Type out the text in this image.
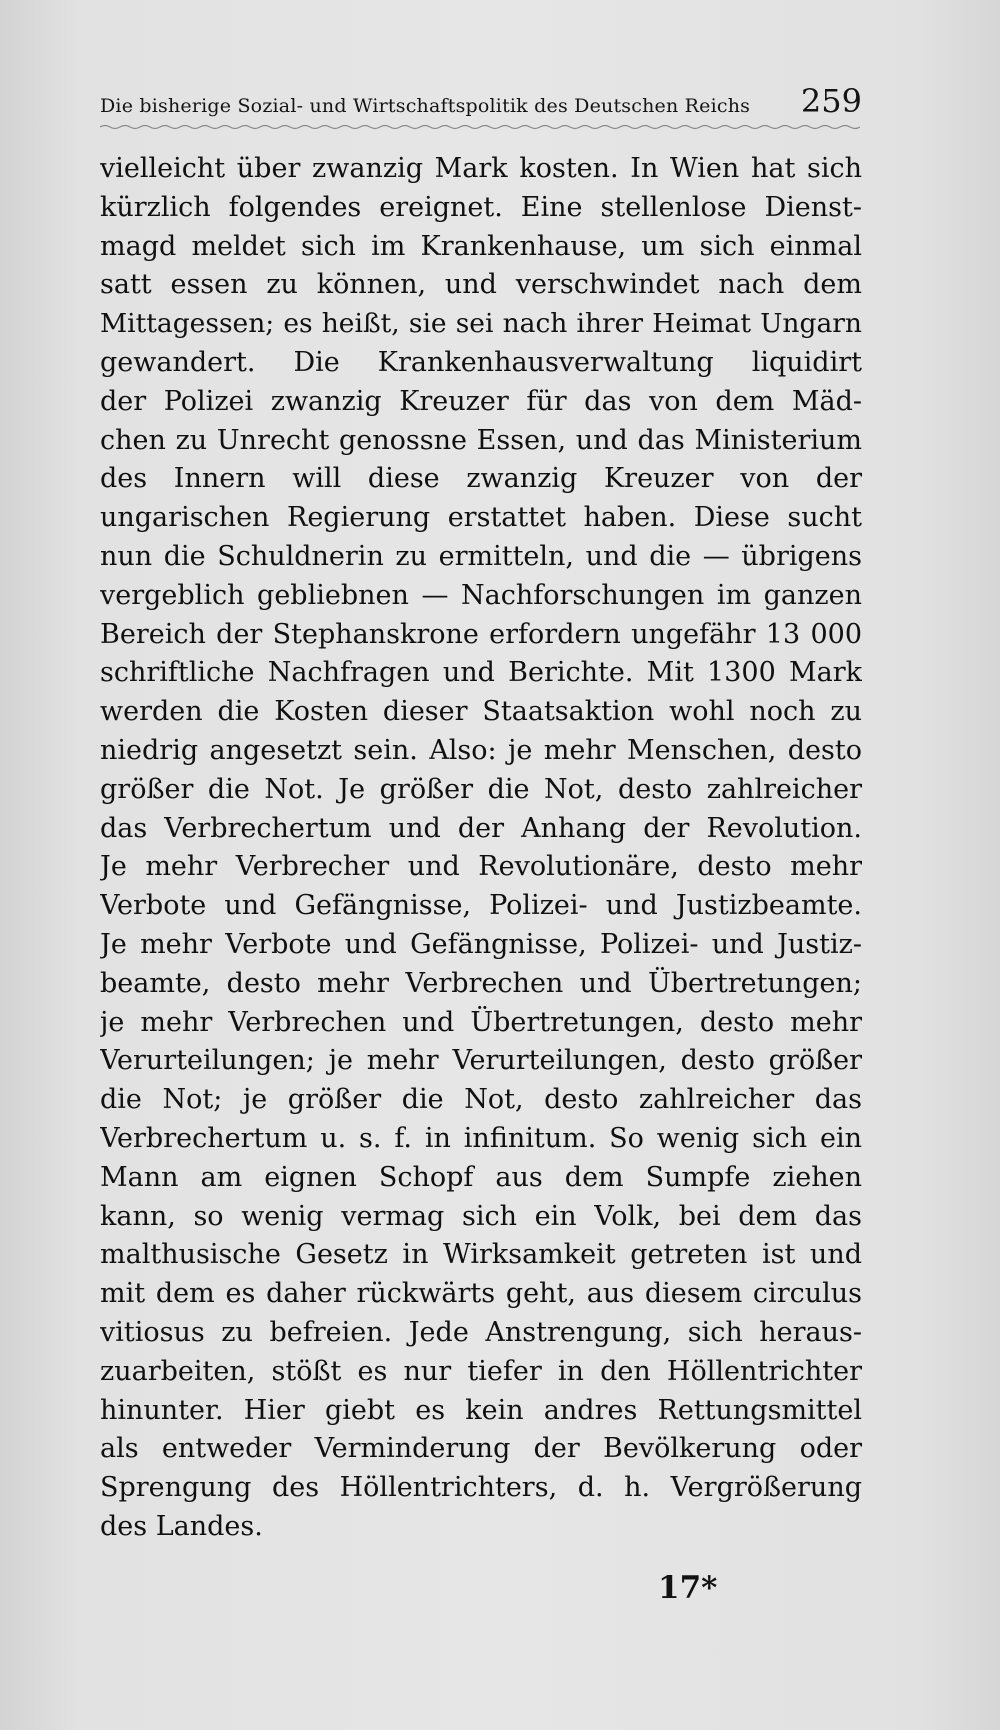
Die bisherige Sozial- und Wirtschaftspolitik des Deutschen Reichs 259
vielleicht über zwanzig Mark kosten. In Wien hat sich
kürzlich folgendes ereignet. Eine stellenlose Dienst-
magd meldet sich im Krankenhause, um sich einmal
satt essen zu können, und verschwindet nach dem
Mittagessen; es heißt, sie sei nach ihrer Heimat Ungarn
gewandert. Die Krankenhausverwaltung liquidirt
der Polizei zwanzig Kreuzer für das von dem Mäd-
chen zu Unrecht genossne Essen, und das Ministerium
des Innern will diese zwanzig Kreuzer von der
ungarischen Regierung erstattet haben. Diese sucht
nun die Schuldnerin zu ermitteln, und die — übrigens
vergeblich gebliebnen — Nachforschungen im ganzen
Bereich der Stephanskrone erfordern ungefähr 13 000
schriftliche Nachfragen und Berichte. Mit 1300 Mark
werden die Kosten dieser Staatsaktion wohl noch zu
niedrig angesetzt sein. Also: je mehr Menschen, desto
größer die Not. Je größer die Not, desto zahlreicher
das Verbrechertum und der Anhang der Revolution.
Je mehr Verbrecher und Revolutionäre, desto mehr
Verbote und Gefängnisse, Polizei- und Justizbeamte.
Je mehr Verbote und Gefängnisse, Polizei- und Justiz-
beamte, desto mehr Verbrechen und Übertretungen;
je mehr Verbrechen und Übertretungen, desto mehr
Verurteilungen; je mehr Verurteilungen, desto größer
die Not; je größer die Not, desto zahlreicher das
Verbrechertum u. s. f. in infinitum. So wenig sich ein
Mann am eignen Schopf aus dem Sumpfe ziehen
kann, so wenig vermag sich ein Volk, bei dem das
malthusische Gesetz in Wirksamkeit getreten ist und
mit dem es daher rückwärts geht, aus diesem circulus
vitiosus zu befreien. Jede Anstrengung, sich heraus-
zuarbeiten, stößt es nur tiefer in den Höllentrichter
hinunter. Hier giebt es kein andres Rettungsmittel
als entweder Verminderung der Bevölkerung oder
Sprengung des Höllentrichters, d. h. Vergrößerung
des Landes.
17*
